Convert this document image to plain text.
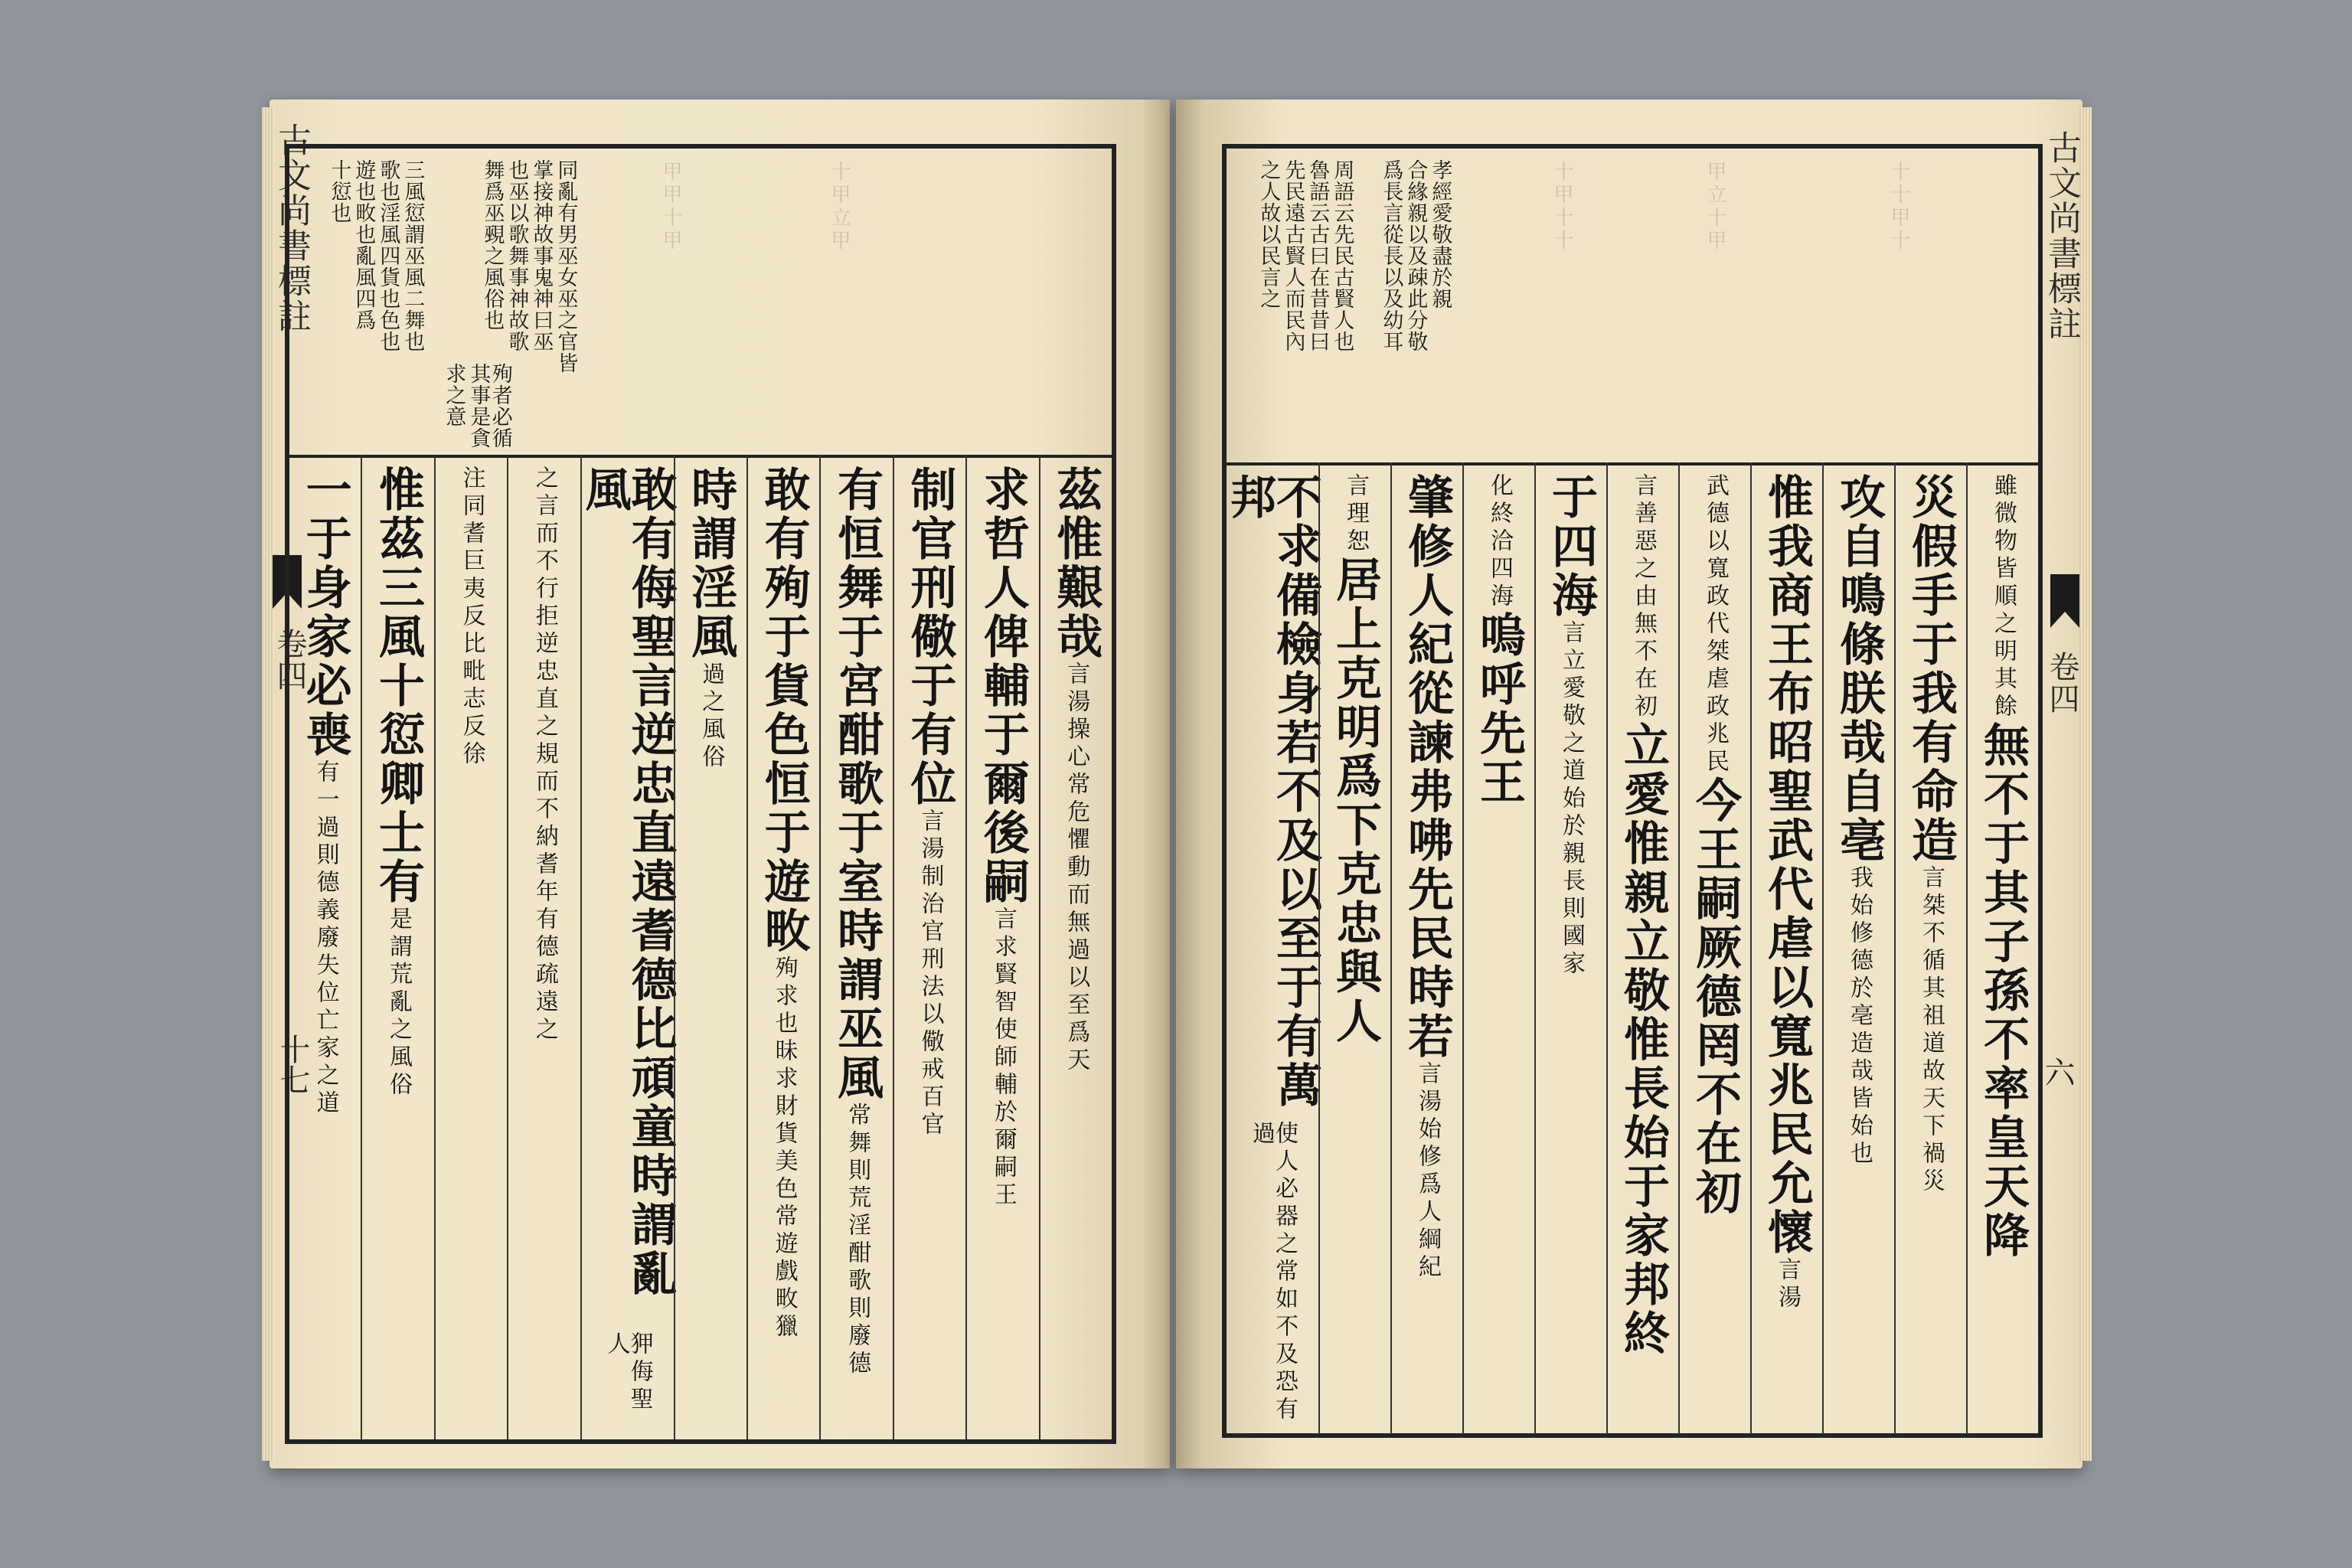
古文尚書標註
卷四
十七
十愆也 遊也畋也亂風四爲 歌也淫風四貨也色也 三風愆謂巫風二舞也	舞爲巫覡之風俗也 也巫以歌舞事神故歌 掌接神故事鬼神曰巫 同亂有男巫女巫之官皆
求之意	殉者必循其事是貪
甲甲十甲	十甲立甲
茲惟艱哉
言湯操心常危懼動而無過以至爲天
求哲人俾輔于爾後嗣
言求賢智使師輔於爾嗣王
制官刑儆于有位
言湯制治官刑法以儆戒百官
有恒舞于宮酣歌于室時謂巫風
常舞則荒淫酣歌則廢德
敢有殉于貨色恒于遊畋
殉求也昧求財貨美色常遊戲畋獵
時謂淫風
過之風俗
敢有侮聖言逆忠直遠耆德比頑童時謂亂風
狎侮聖人
之言而不行拒逆忠直之規而不納耆年有德疏遠之
注同耆巨夷反比毗志反徐
惟茲三風十愆卿士有
是謂荒亂之風俗
一于身家必喪
有一過則德義廢失位亡家之道
古文尚書標註
卷四
六
之人故以民言之 先民遠古賢人而民內 魯語云古曰在昔昔曰 周語云先民古賢人也 爲長言從長以及幼耳 合緣親以及疎此分敬 孝經愛敬盡於親	十甲十十	甲立十甲	十十甲十
雖微物皆順之明其餘
無不于其子孫不率皇天降
災假手于我有命造
言桀不循其祖道故天下禍災
攻自鳴條朕哉自亳
我始修德於亳造哉皆始也
惟我商王布昭聖武代虐以寬兆民允懷
言湯
武德以寬政代桀虐政兆民
今王嗣厥德罔不在初
言善惡之由無不在初
立愛惟親立敬惟長始于家邦終
于四海
言立愛敬之道始於親長則國家
化終洽四海
嗚呼先王
肇修人紀從諫弗咈先民時若
言湯始修爲人綱紀
言理恕
居上克明爲下克忠與人
不求備檢身若不及以至于有萬邦
使人必器之常如不及恐有過
